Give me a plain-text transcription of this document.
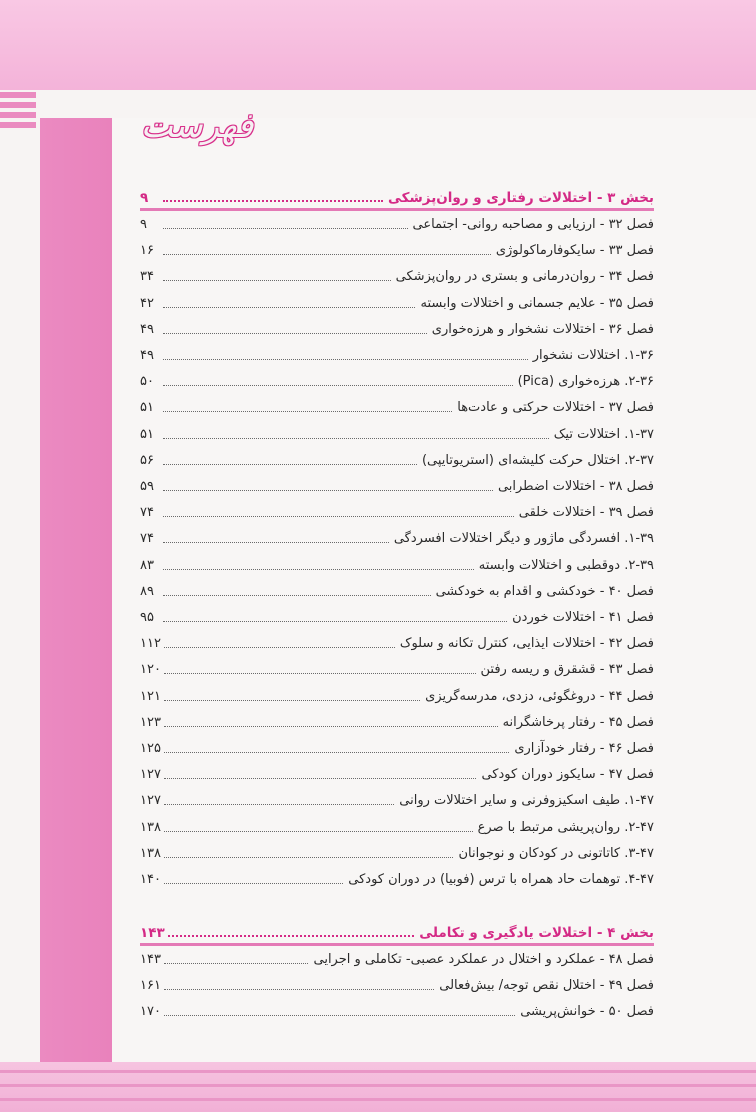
فهرست
بخش ۳ - اختلالات رفتاری و روان‌پزشکی
۹
فصل ۳۲ - ارزیابی و مصاحبه روانی- اجتماعی
۹
فصل ۳۳ - سایکوفارماکولوژی
۱۶
فصل ۳۴ - روان‌درمانی و بستری در روان‌پزشکی
۳۴
فصل ۳۵ - علایم جسمانی و اختلالات وابسته
۴۲
فصل ۳۶ - اختلالات نشخوار و هرزه‌خواری
۴۹
۱-۳۶. اختلالات نشخوار
۴۹
۲-۳۶. هرزه‌خواری (Pica)
۵۰
فصل ۳۷ - اختلالات حرکتی و عادت‌ها
۵۱
۱-۳۷. اختلالات تیک
۵۱
۲-۳۷. اختلال حرکت کلیشه‌ای (استریوتایپی)
۵۶
فصل ۳۸ - اختلالات اضطرابی
۵۹
فصل ۳۹ - اختلالات خلقی
۷۴
۱-۳۹. افسردگی ماژور و دیگر اختلالات افسردگی
۷۴
۲-۳۹. دوقطبی و اختلالات وابسته
۸۳
فصل ۴۰ - خودکشی و اقدام به خودکشی
۸۹
فصل ۴۱ - اختلالات خوردن
۹۵
فصل ۴۲ - اختلالات ایذایی، کنترل تکانه و سلوک
۱۱۲
فصل ۴۳ - قشقرق و ریسه رفتن
۱۲۰
فصل ۴۴ - دروغگوئی، دزدی، مدرسه‌گریزی
۱۲۱
فصل ۴۵ - رفتار پرخاشگرانه
۱۲۳
فصل ۴۶ - رفتار خودآزاری
۱۲۵
فصل ۴۷ - سایکوز دوران کودکی
۱۲۷
۱-۴۷. طیف اسکیزوفرنی و سایر اختلالات روانی
۱۲۷
۲-۴۷. روان‌پریشی مرتبط با صرع
۱۳۸
۳-۴۷. کاتاتونی در کودکان و نوجوانان
۱۳۸
۴-۴۷. توهمات حاد همراه با ترس (فوبیا) در دوران کودکی
۱۴۰
بخش ۴ - اختلالات یادگیری و تکاملی
۱۴۳
فصل ۴۸ - عملکرد و اختلال در عملکرد عصبی- تکاملی و اجرایی
۱۴۳
فصل ۴۹ - اختلال نقص توجه/ بیش‌فعالی
۱۶۱
فصل ۵۰ - خوانش‌پریشی
۱۷۰
